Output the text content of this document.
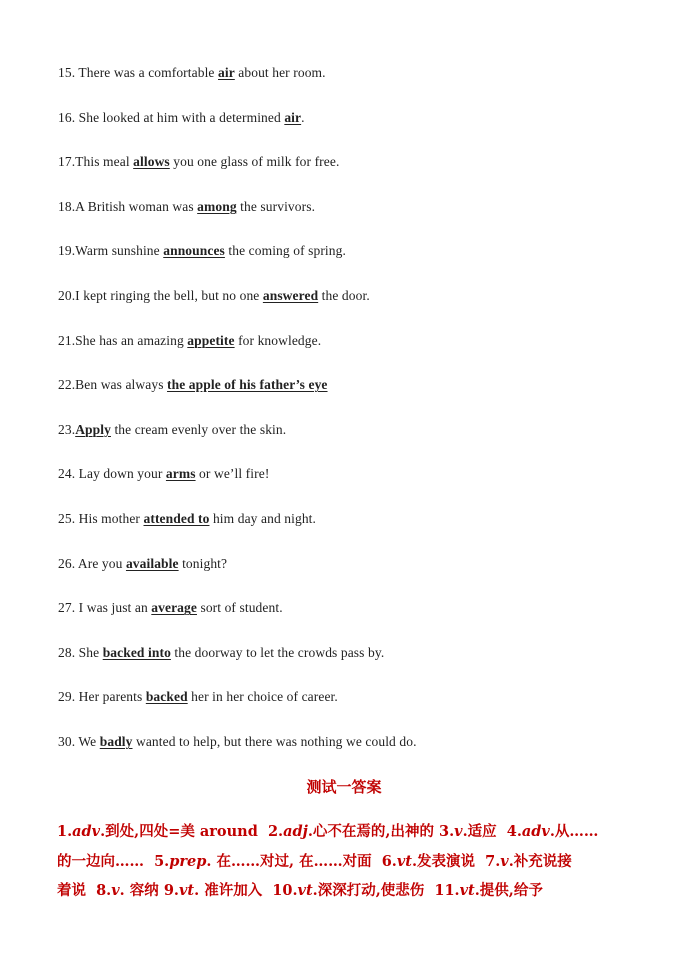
15. There was a comfortable air about her room.
16. She looked at him with a determined air.
17.This meal allows you one glass of milk for free.
18.A British woman was among the survivors.
19.Warm sunshine announces the coming of spring.
20.I kept ringing the bell, but no one answered the door.
21.She has an amazing appetite for knowledge.
22.Ben was always the apple of his father’s eye
23.Apply the cream evenly over the skin.
24. Lay down your arms or we’ll fire!
25. His mother attended to him day and night.
26. Are you available tonight?
27. I was just an average sort of student.
28. She backed into the doorway to let the crowds pass by.
29. Her parents backed her in her choice of career.
30. We badly wanted to help, but there was nothing we could do.
测试一答案
1.adv.到处,四处=美 around  2.adj.心不在焉的,出神的 3.v.适应  4.adv.从……
的一边向……  5.prep. 在……对过, 在……对面  6.vt.发表演说  7.v.补充说接
着说  8.v. 容纳 9.vt. 准许加入  10.vt.深深打动,使悲伤  11.vt.提供,给予
